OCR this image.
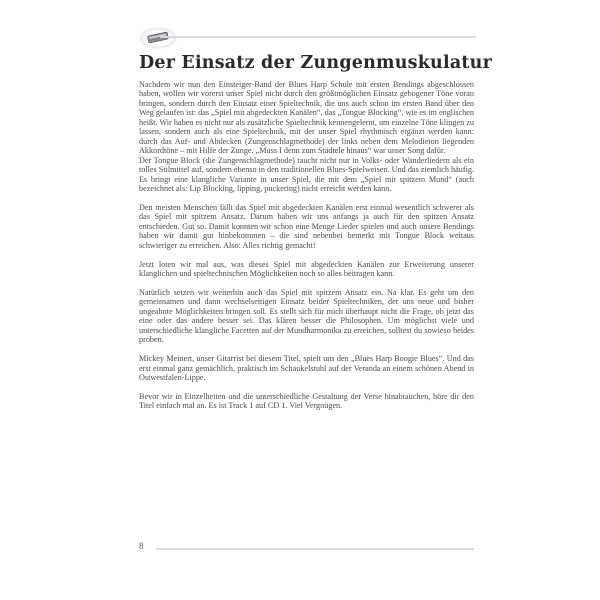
Der Einsatz der Zungenmuskulatur

Nachdem wir nun den Einsteiger-Band der Blues Harp Schule mit ersten Bendings abgeschlossen haben, wollen wir vorerst unser Spiel nicht durch den größtmöglichen Einsatz gebogener Töne voran bringen, sondern durch den Einsatz einer Spieltechnik, die uns auch schon im ersten Band über den Weg gelaufen ist: das „Spiel mit abgedeckten Kanälen“, das „Tongue Blocking“, wie es im englischen heißt. Wir haben es nicht nur als zusätzliche Spieltechnik kennengelernt, um einzelne Töne klingen zu lassen, sondern auch als eine Spieltechnik, mit der unser Spiel rhythmisch ergänzt werden kann: durch das Auf- und Abdecken (Zungenschlagmethode) der links neben dem Melodieton liegenden Akkordtöne – mit Hilfe der Zunge. „Muss I denn zum Städtele hinaus“ war unser Song dafür.

Der Tongue Block (die Zungenschlagmethode) taucht nicht nur in Volks- oder Wanderliedern als ein tolles Stilmittel auf, sondern ebenso in den traditionellen Blues-Spielweisen. Und das ziemlich häufig. Es bringt eine klangliche Variante in unser Spiel, die mit dem „Spiel mit spitzem Mund“ (auch bezeichnet als: Lip Blocking, lipping, puckering) nicht erreicht werden kann.

Den meisten Menschen fällt das Spiel mit abgedeckten Kanälen erst einmal wesentlich schwerer als das Spiel mit spitzem Ansatz. Darum haben wir uns anfangs ja auch für den spitzen Ansatz entschieden. Gut so. Damit konnten wir schon eine Menge Lieder spielen und auch unsere Bendings haben wir damit gut hinbekommen – die sind nebenbei bemerkt mit Tongue Block weitaus schwieriger zu erreichen. Also: Alles richtig gemacht!

Jetzt loten wir mal aus, was dieses Spiel mit abgedeckten Kanälen zur Erweiterung unserer klanglichen und spieltechnischen Möglichkeiten noch so alles beitragen kann.

Natürlich setzen wir weiterhin auch das Spiel mit spitzem Ansatz ein. Na klar. Es geht um den gemeinsamen und dann wechselseitigen Einsatz beider Spieltechniken, der uns neue und bisher ungeahnte Möglichkeiten bringen soll. Es stellt sich für mich überhaupt nicht die Frage, ob jetzt das eine oder das andere besser sei. Das klären besser die Philosophen. Um möglichst viele und unterschiedliche klangliche Facetten auf der Mundharmonika zu erreichen, solltest du sowieso beides proben.

Mickey Meinert, unser Gitarrist bei diesem Titel, spielt uns den „Blues Harp Boogie Blues“. Und das erst einmal ganz gemächlich, praktisch im Schaukelstuhl auf der Veranda an einem schönen Abend in Ostwestfalen-Lippe.

Bevor wir in Einzelheiten und die unterschiedliche Gestaltung der Verse hinabtauchen, höre dir den Titel einfach mal an. Es ist Track 1 auf CD 1. Viel Vergnügen.

8
